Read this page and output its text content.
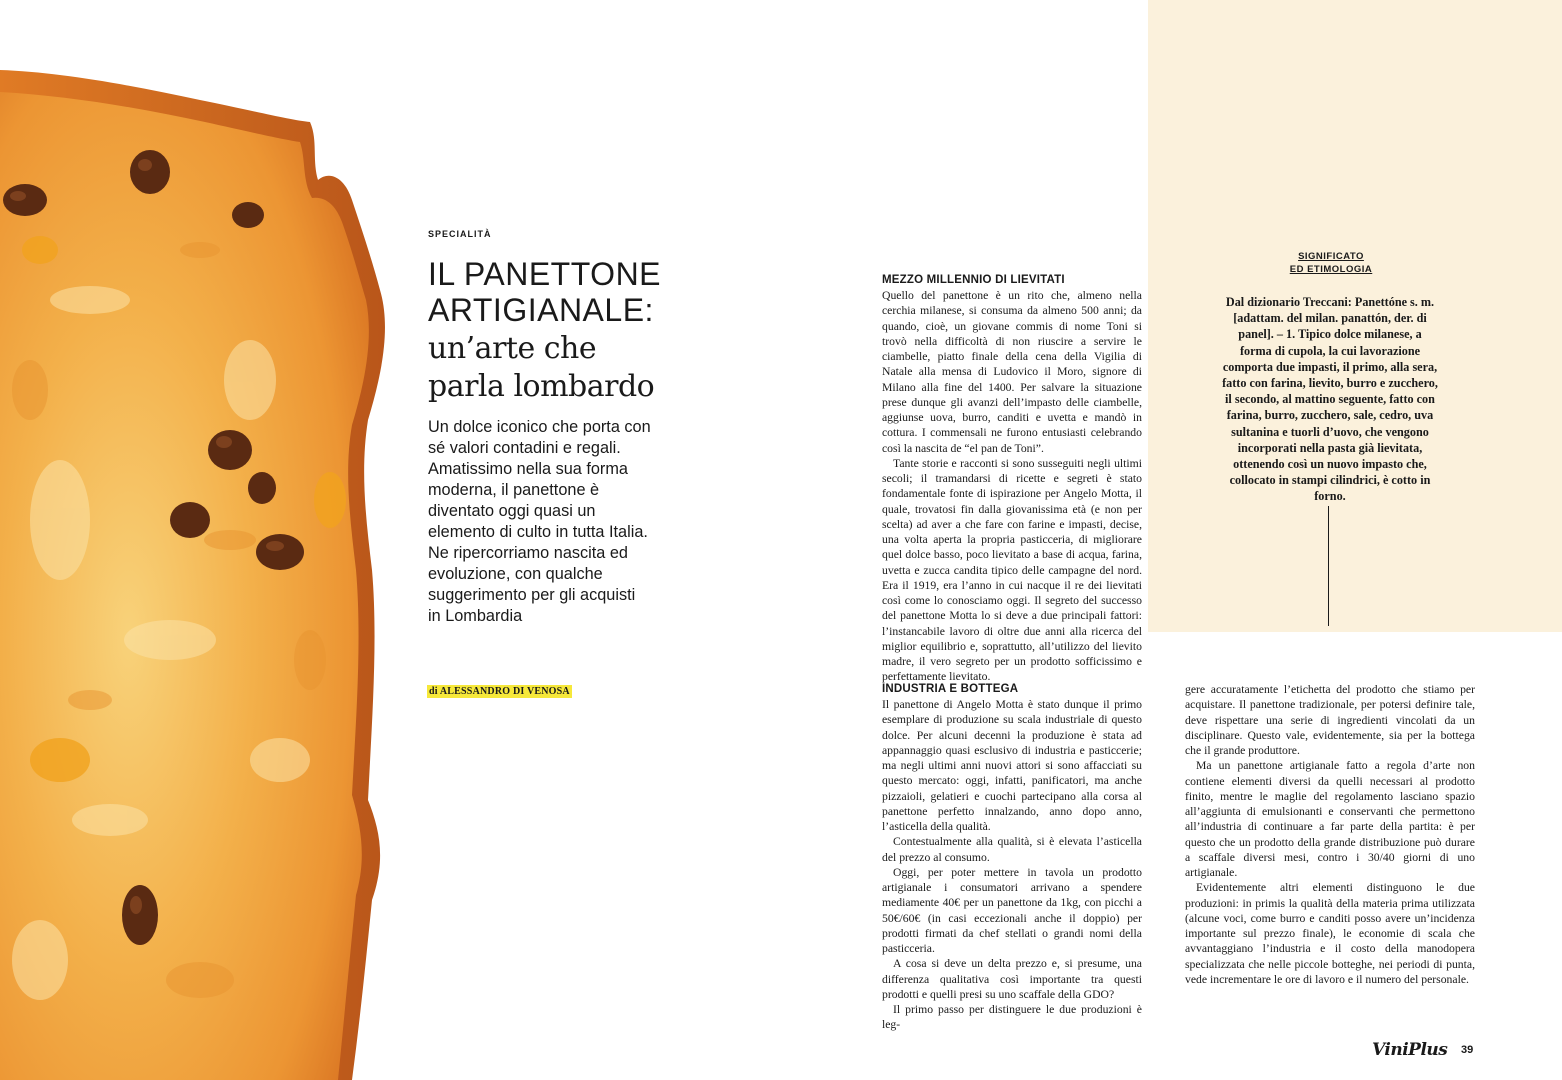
SIGNIFICATO
ED ETIMOLOGIA
Dal dizionario Treccani: Panettóne s. m. [adattam. del milan. panattón, der. di panel]. – 1. Tipico dolce milanese, a forma di cupola, la cui lavorazione comporta due impasti, il primo, alla sera, fatto con farina, lievito, burro e zucchero, il secondo, al mattino seguente, fatto con farina, burro, zucchero, sale, cedro, uva sultanina e tuorli d’uovo, che vengono incorporati nella pasta già lievitata, ottenendo così un nuovo impasto che, collocato in stampi cilindrici, è cotto in forno.
SPECIALITÀ
IL PANETTONE
ARTIGIANALE:
un’arte che
parla lombardo
Un dolce iconico che porta con sé valori contadini e regali. Amatissimo nella sua forma moderna, il panettone è diventato oggi quasi un elemento di culto in tutta Italia. Ne ripercorriamo nascita ed evoluzione, con qualche suggerimento per gli acquisti in Lombardia
di ALESSANDRO DI VENOSA
MEZZO MILLENNIO DI LIEVITATI

Quello del panettone è un rito che, almeno nella cerchia milanese, si consuma da almeno 500 anni; da quando, cioè, un giovane commis di nome Toni si trovò nella difficoltà di non riuscire a servire le ciambelle, piatto finale della cena della Vigilia di Natale alla mensa di Ludovico il Moro, signore di Milano alla fine del 1400. Per salvare la situazione prese dunque gli avanzi dell’impasto delle ciambelle, aggiunse uova, burro, canditi e uvetta e mandò in cottura. I commensali ne furono entusiasti celebrando così la nascita de “el pan de Toni”.

Tante storie e racconti si sono susseguiti negli ultimi secoli; il tramandarsi di ricette e segreti è stato fondamentale fonte di ispirazione per Angelo Motta, il quale, trovatosi fin dalla giovanissima età (e non per scelta) ad aver a che fare con farine e impasti, decise, una volta aperta la propria pasticceria, di migliorare quel dolce basso, poco lievitato a base di acqua, farina, uvetta e zucca candita tipico delle campagne del nord. Era il 1919, era l’anno in cui nacque il re dei lievitati così come lo conosciamo oggi. Il segreto del successo del panettone Motta lo si deve a due principali fattori: l’instancabile lavoro di oltre due anni alla ricerca del miglior equilibrio e, soprattutto, all’utilizzo del lievito madre, il vero segreto per un prodotto sofficissimo e perfettamente lievitato.

INDUSTRIA E BOTTEGA

Il panettone di Angelo Motta è stato dunque il primo esemplare di produzione su scala industriale di questo dolce. Per alcuni decenni la produzione è stata ad appannaggio quasi esclusivo di industria e pasticcerie; ma negli ultimi anni nuovi attori si sono affacciati su questo mercato: oggi, infatti, panificatori, ma anche pizzaioli, gelatieri e cuochi partecipano alla corsa al panettone perfetto innalzando, anno dopo anno, l’asticella della qualità.

Contestualmente alla qualità, si è elevata l’asticella del prezzo al consumo.

Oggi, per poter mettere in tavola un prodotto artigianale i consumatori arrivano a spendere mediamente 40€ per un panettone da 1kg, con picchi a 50€/60€ (in casi eccezionali anche il doppio) per prodotti firmati da chef stellati o grandi nomi della pasticceria.

A cosa si deve un delta prezzo e, si presume, una differenza qualitativa così importante tra questi prodotti e quelli presi su uno scaffale della GDO?

Il primo passo per distinguere le due produzioni è leg-

gere accuratamente l’etichetta del prodotto che stiamo per acquistare. Il panettone tradizionale, per potersi definire tale, deve rispettare una serie di ingredienti vincolati da un disciplinare. Questo vale, evidentemente, sia per la bottega che il grande produttore.

Ma un panettone artigianale fatto a regola d’arte non contiene elementi diversi da quelli necessari al prodotto finito, mentre le maglie del regolamento lasciano spazio all’aggiunta di emulsionanti e conservanti che permettono all’industria di continuare a far parte della partita: è per questo che un prodotto della grande distribuzione può durare a scaffale diversi mesi, contro i 30/40 giorni di uno artigianale.

Evidentemente altri elementi distinguono le due produzioni: in primis la qualità della materia prima utilizzata (alcune voci, come burro e canditi posso avere un’incidenza importante sul prezzo finale), le economie di scala che avvantaggiano l’industria e il costo della manodopera specializzata che nelle piccole botteghe, nei periodi di punta, vede incrementare le ore di lavoro e il numero del personale.

ViniPlus 39
